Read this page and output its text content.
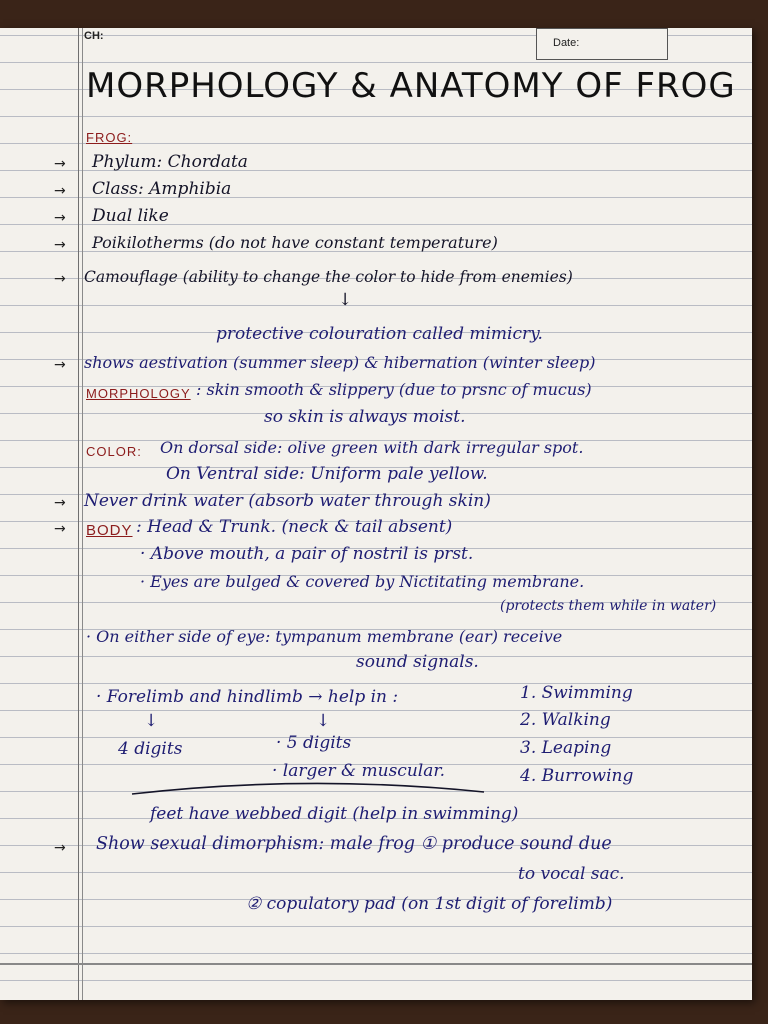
CH:
Date:
MORPHOLOGY & ANATOMY OF FROG
FROG:
→ Phylum: Chordata
→ Class: Amphibia
→ Dual like
→ Poikilotherms (do not have constant temperature)
→ Camouflage (ability to change the color to hide from enemies)
↓
protective colouration called mimicry.
→ shows aestivation (summer sleep) & hibernation (winter sleep)
MORPHOLOGY : skin smooth & slippery (due to prsnc of mucus)
so skin is always moist.
COLOR: On dorsal side: olive green with dark irregular spot.
On Ventral side: Uniform pale yellow.
→ Never drink water (absorb water through skin)
→ BODY : Head & Trunk. (neck & tail absent)
· Above mouth, a pair of nostril is prst.
· Eyes are bulged & covered by Nictitating membrane.
(protects them while in water)
· On either side of eye: tympanum membrane (ear) receive
sound signals.
· Forelimb and hindlimb → help in :	1. Swimming
2. Walking
3. Leaping
4. Burrowing
↓	↓
4 digits	· 5 digits
· larger & muscular.
feet have webbed digit (help in swimming)
→ Show sexual dimorphism: male frog ① produce sound due
to vocal sac.
② copulatory pad (on 1st digit of forelimb)
